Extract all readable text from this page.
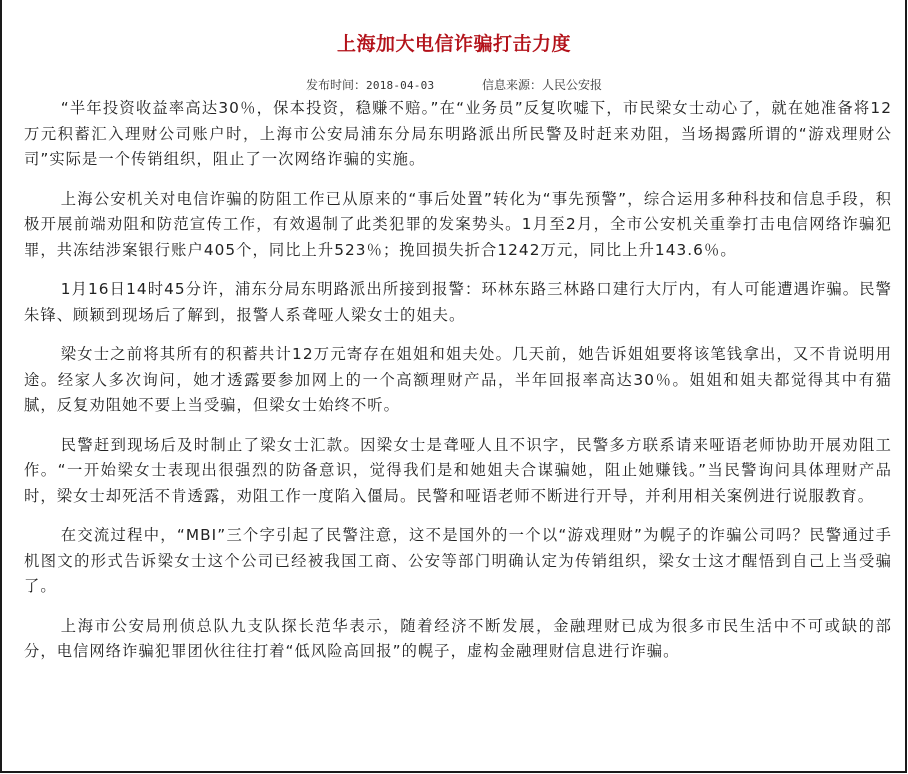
上海加大电信诈骗打击力度
发布时间：2018-04-03	信息来源：人民公安报

“半年投资收益率高达30％，保本投资，稳赚不赔。”在“业务员”反复吹嘘下，市民梁女士动心了，就在她准备将12万元积蓄汇入理财公司账户时，上海市公安局浦东分局东明路派出所民警及时赶来劝阻，当场揭露所谓的“游戏理财公司”实际是一个传销组织，阻止了一次网络诈骗的实施。

上海公安机关对电信诈骗的防阻工作已从原来的“事后处置”转化为“事先预警”，综合运用多种科技和信息手段，积极开展前端劝阻和防范宣传工作，有效遏制了此类犯罪的发案势头。1月至2月，全市公安机关重拳打击电信网络诈骗犯罪，共冻结涉案银行账户405个，同比上升523％；挽回损失折合1242万元，同比上升143.6％。

1月16日14时45分许，浦东分局东明路派出所接到报警：环林东路三林路口建行大厅内，有人可能遭遇诈骗。民警朱锋、顾颖到现场后了解到，报警人系聋哑人梁女士的姐夫。

梁女士之前将其所有的积蓄共计12万元寄存在姐姐和姐夫处。几天前，她告诉姐姐要将该笔钱拿出，又不肯说明用途。经家人多次询问，她才透露要参加网上的一个高额理财产品，半年回报率高达30％。姐姐和姐夫都觉得其中有猫腻，反复劝阻她不要上当受骗，但梁女士始终不听。

民警赶到现场后及时制止了梁女士汇款。因梁女士是聋哑人且不识字，民警多方联系请来哑语老师协助开展劝阻工作。“一开始梁女士表现出很强烈的防备意识，觉得我们是和她姐夫合谋骗她，阻止她赚钱。”当民警询问具体理财产品时，梁女士却死活不肯透露，劝阻工作一度陷入僵局。民警和哑语老师不断进行开导，并利用相关案例进行说服教育。

在交流过程中，“MBI”三个字引起了民警注意，这不是国外的一个以“游戏理财”为幌子的诈骗公司吗？民警通过手机图文的形式告诉梁女士这个公司已经被我国工商、公安等部门明确认定为传销组织，梁女士这才醒悟到自己上当受骗了。

上海市公安局刑侦总队九支队探长范华表示，随着经济不断发展，金融理财已成为很多市民生活中不可或缺的部分，电信网络诈骗犯罪团伙往往打着“低风险高回报”的幌子，虚构金融理财信息进行诈骗。
